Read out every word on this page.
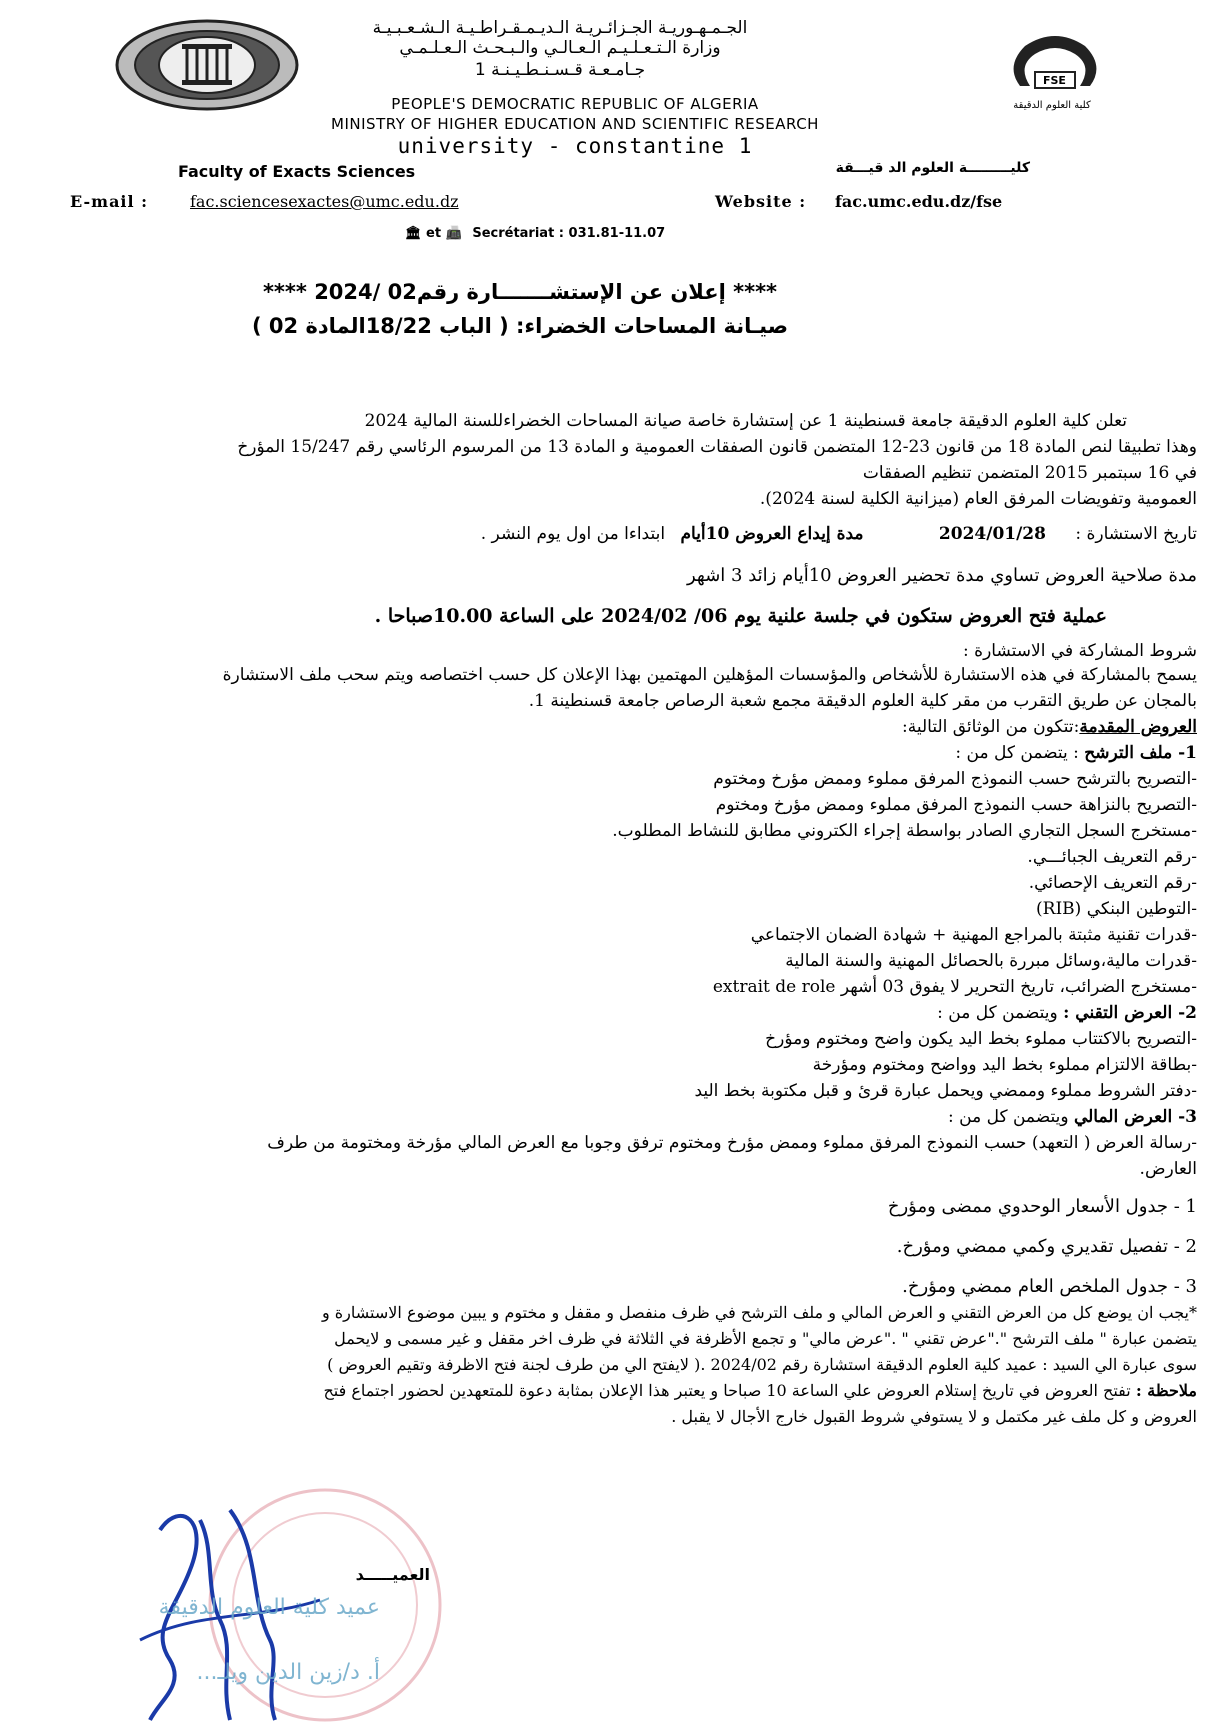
FSE
كلية العلوم الدقيقة
الجـمـهـوريـة الجـزائـريـة الـديـمـقـراطـيـة الـشـعـبـيـة
وزارة الـتـعـلـيـم الـعـالـي والـبـحـث الـعـلـمـي
جـامـعـة قـسـنـطـيـنـة 1
PEOPLE'S DEMOCRATIC REPUBLIC OF ALGERIA
MINISTRY OF HIGHER EDUCATION AND SCIENTIFIC RESEARCH
university - constantine 1
Faculty of Exacts Sciences	كليـــــــــة العلوم الد قيـــقة
E-mail :	fac.sciencesexactes@umc.edu.dz	Website : fac.umc.edu.dz/fse
🏛 et 📠 Secrétariat : 031.81-11.07
**** إعلان عن الإستشـــــــارة رقم02 /2024 ****
صيـانة المساحات الخضراء: ( الباب 18/22المادة 02 )
تعلن كلية العلوم الدقيقة جامعة قسنطينة 1 عن إستشارة خاصة صيانة المساحات الخضراءللسنة المالية 2024
وهذا تطبيقا لنص المادة 18 من قانون 23-12 المتضمن قانون الصفقات العمومية و المادة 13 من المرسوم الرئاسي رقم 15/247 المؤرخ
في 16 سبتمبر 2015 المتضمن تنظيم الصفقات
العمومية وتفويضات المرفق العام (ميزانية الكلية لسنة 2024).
تاريخ الاستشارة : 2024/01/28 مدة إيداع العروض 10أيام ابتداءا من اول يوم النشر .
مدة صلاحية العروض تساوي مدة تحضير العروض 10أيام زائد 3 اشهر
عملية فتح العروض ستكون في جلسة علنية يوم 06/ 2024/02 على الساعة 10.00صباحا .
شروط المشاركة في الاستشارة :
يسمح بالمشاركة في هذه الاستشارة للأشخاص والمؤسسات المؤهلين المهتمين بهذا الإعلان كل حسب اختصاصه ويتم سحب ملف الاستشارة
بالمجان عن طريق التقرب من مقر كلية العلوم الدقيقة مجمع شعبة الرصاص جامعة قسنطينة 1.
العروض المقدمة:تتكون من الوثائق التالية:
1- ملف الترشح : يتضمن كل من :
-التصريح بالترشح حسب النموذج المرفق مملوء وممض مؤرخ ومختوم
-التصريح بالنزاهة حسب النموذج المرفق مملوء وممض مؤرخ ومختوم
-مستخرج السجل التجاري الصادر بواسطة إجراء الكتروني مطابق للنشاط المطلوب.
-رقم التعريف الجبائـــي.
-رقم التعريف الإحصائي.
-التوطين البنكي (RIB)
-قدرات تقنية مثبتة بالمراجع المهنية + شهادة الضمان الاجتماعي
-قدرات مالية،وسائل مبررة بالحصائل المهنية والسنة المالية
-مستخرج الضرائب، تاريخ التحرير لا يفوق 03 أشهر extrait de role
2- العرض التقني : ويتضمن كل من :
-التصريح بالاكتتاب مملوء بخط اليد يكون واضح ومختوم ومؤرخ
-بطاقة الالتزام مملوء بخط اليد وواضح ومختوم ومؤرخة
-دفتر الشروط مملوء وممضي ويحمل عبارة قرئ و قبل مكتوبة بخط اليد
3- العرض المالي ويتضمن كل من :
-رسالة العرض ( التعهد) حسب النموذج المرفق مملوء وممض مؤرخ ومختوم ترفق وجوبا مع العرض المالي مؤرخة ومختومة من طرف
العارض.
1 - جدول الأسعار الوحدوي ممضى ومؤرخ
2 - تفصيل تقديري وكمي ممضي ومؤرخ.
3 - جدول الملخص العام ممضي ومؤرخ.
*يجب ان يوضع كل من العرض التقني و العرض المالي و ملف الترشح في ظرف منفصل و مقفل و مختوم و يبين موضوع الاستشارة و
يتضمن عبارة " ملف الترشح "."عرض تقني " ."عرض مالي" و تجمع الأظرفة في الثلاثة في ظرف اخر مقفل و غير مسمى و لايحمل
سوى عبارة الي السيد : عميد كلية العلوم الدقيقة استشارة رقم 2024/02 .( لايفتح الي من طرف لجنة فتح الاظرفة وتقيم العروض )
ملاحظة : تفتح العروض في تاريخ إستلام العروض علي الساعة 10 صباحا و يعتبر هذا الإعلان بمثابة دعوة للمتعهدين لحضور اجتماع فتح
العروض و كل ملف غير مكتمل و لا يستوفي شروط القبول خارج الأجال لا يقبل .
العميـــــد
عميد كلية العلوم الدقيقة
أ. د/زين الدين ويلـ...
